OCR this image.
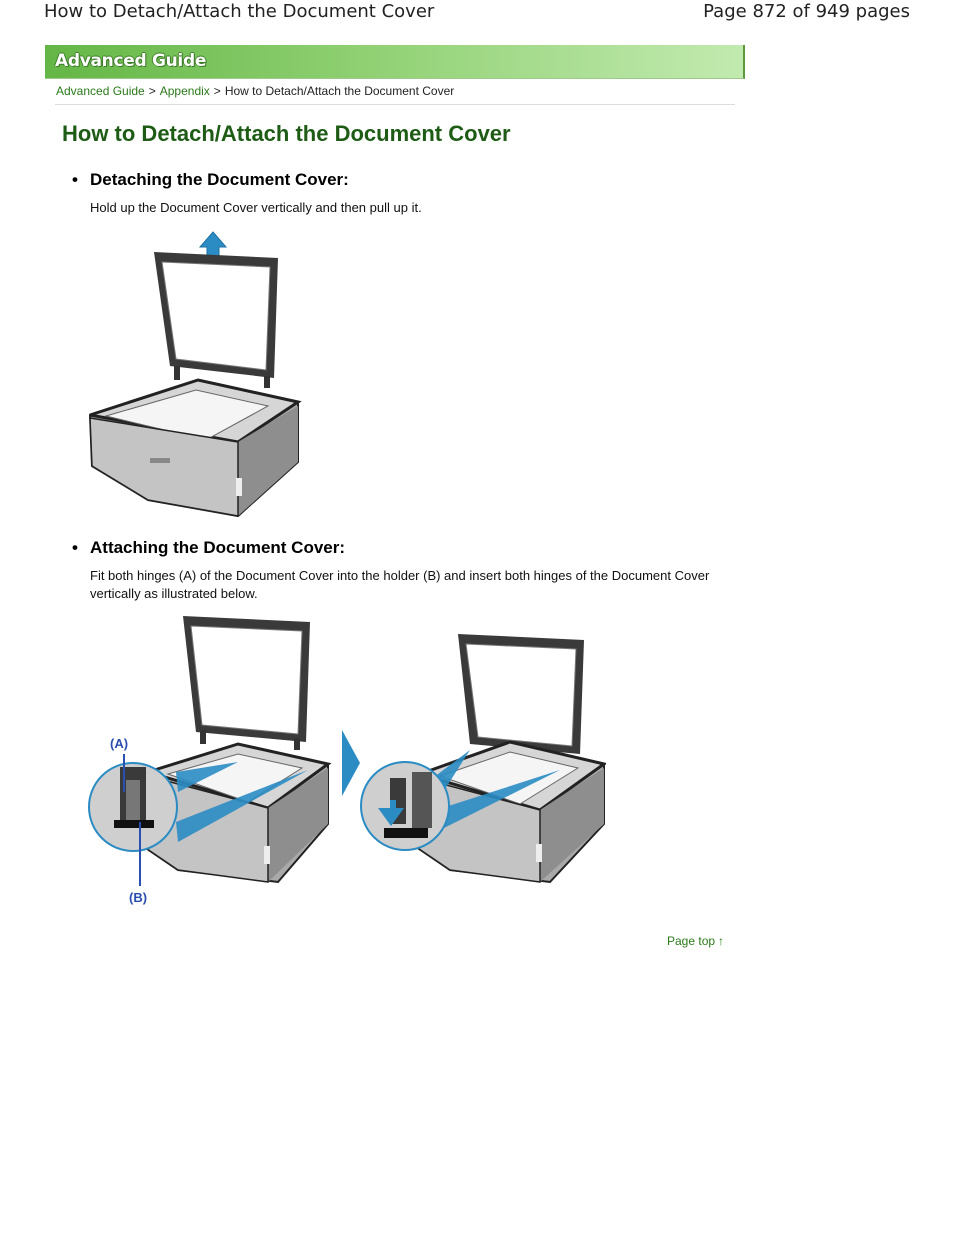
How to Detach/Attach the Document Cover	Page 872 of 949 pages
Advanced Guide
Advanced Guide > Appendix > How to Detach/Attach the Document Cover
How to Detach/Attach the Document Cover
• Detaching the Document Cover:
Hold up the Document Cover vertically and then pull up it.
• Attaching the Document Cover:
Fit both hinges (A) of the Document Cover into the holder (B) and insert both hinges of the Document Cover vertically as illustrated below.
(A)
(B)
Page top ↑
